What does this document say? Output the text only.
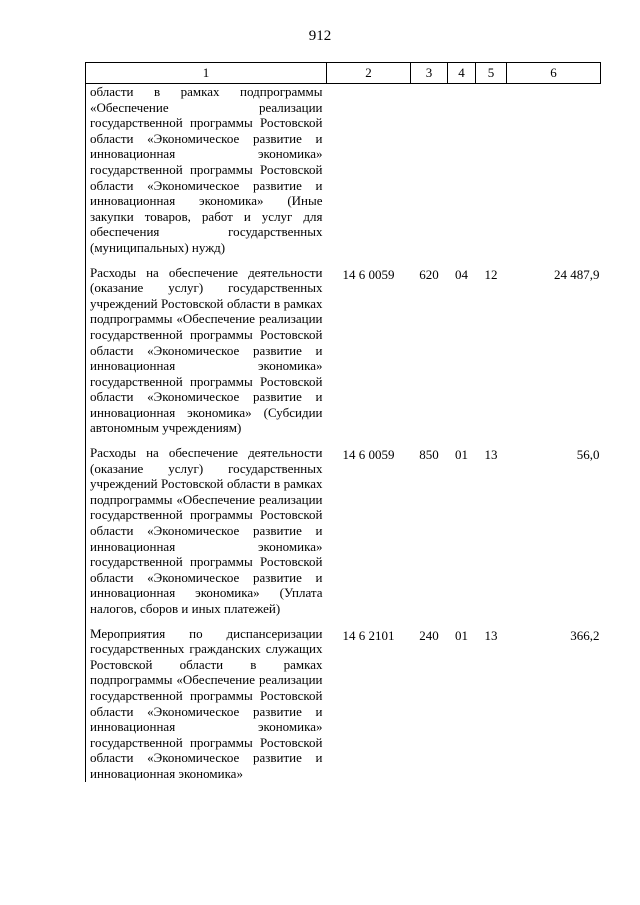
912
1	2	3	4	5	6
области в рамках подпрограммы «Обеспечение реализации государственной программы Ростовской области «Экономическое развитие и инновационная экономика» государственной программы Ростовской области «Экономическое развитие и инновационная экономика» (Иные закупки товаров, работ и услуг для обеспечения государственных (муниципальных) нужд)					

Расходы на обеспечение деятельности (оказание услуг) государственных учреждений Ростовской области в рамках подпрограммы «Обеспечение реализации государственной программы Ростовской области «Экономическое развитие и инновационная экономика» государственной программы Ростовской области «Экономическое развитие и инновационная экономика» (Субсидии автономным учреждениям)	14 6 0059	620	04	12	24 487,9

Расходы на обеспечение деятельности (оказание услуг) государственных учреждений Ростовской области в рамках подпрограммы «Обеспечение реализации государственной программы Ростовской области «Экономическое развитие и инновационная экономика» государственной программы Ростовской области «Экономическое развитие и инновационная экономика» (Уплата налогов, сборов и иных платежей)	14 6 0059	850	01	13	56,0

Мероприятия по диспансеризации государственных гражданских служащих Ростовской области в рамках подпрограммы «Обеспечение реализации государственной программы Ростовской области «Экономическое развитие и инновационная экономика» государственной программы Ростовской области «Экономическое развитие и инновационная экономика»	14 6 2101	240	01	13	366,2
